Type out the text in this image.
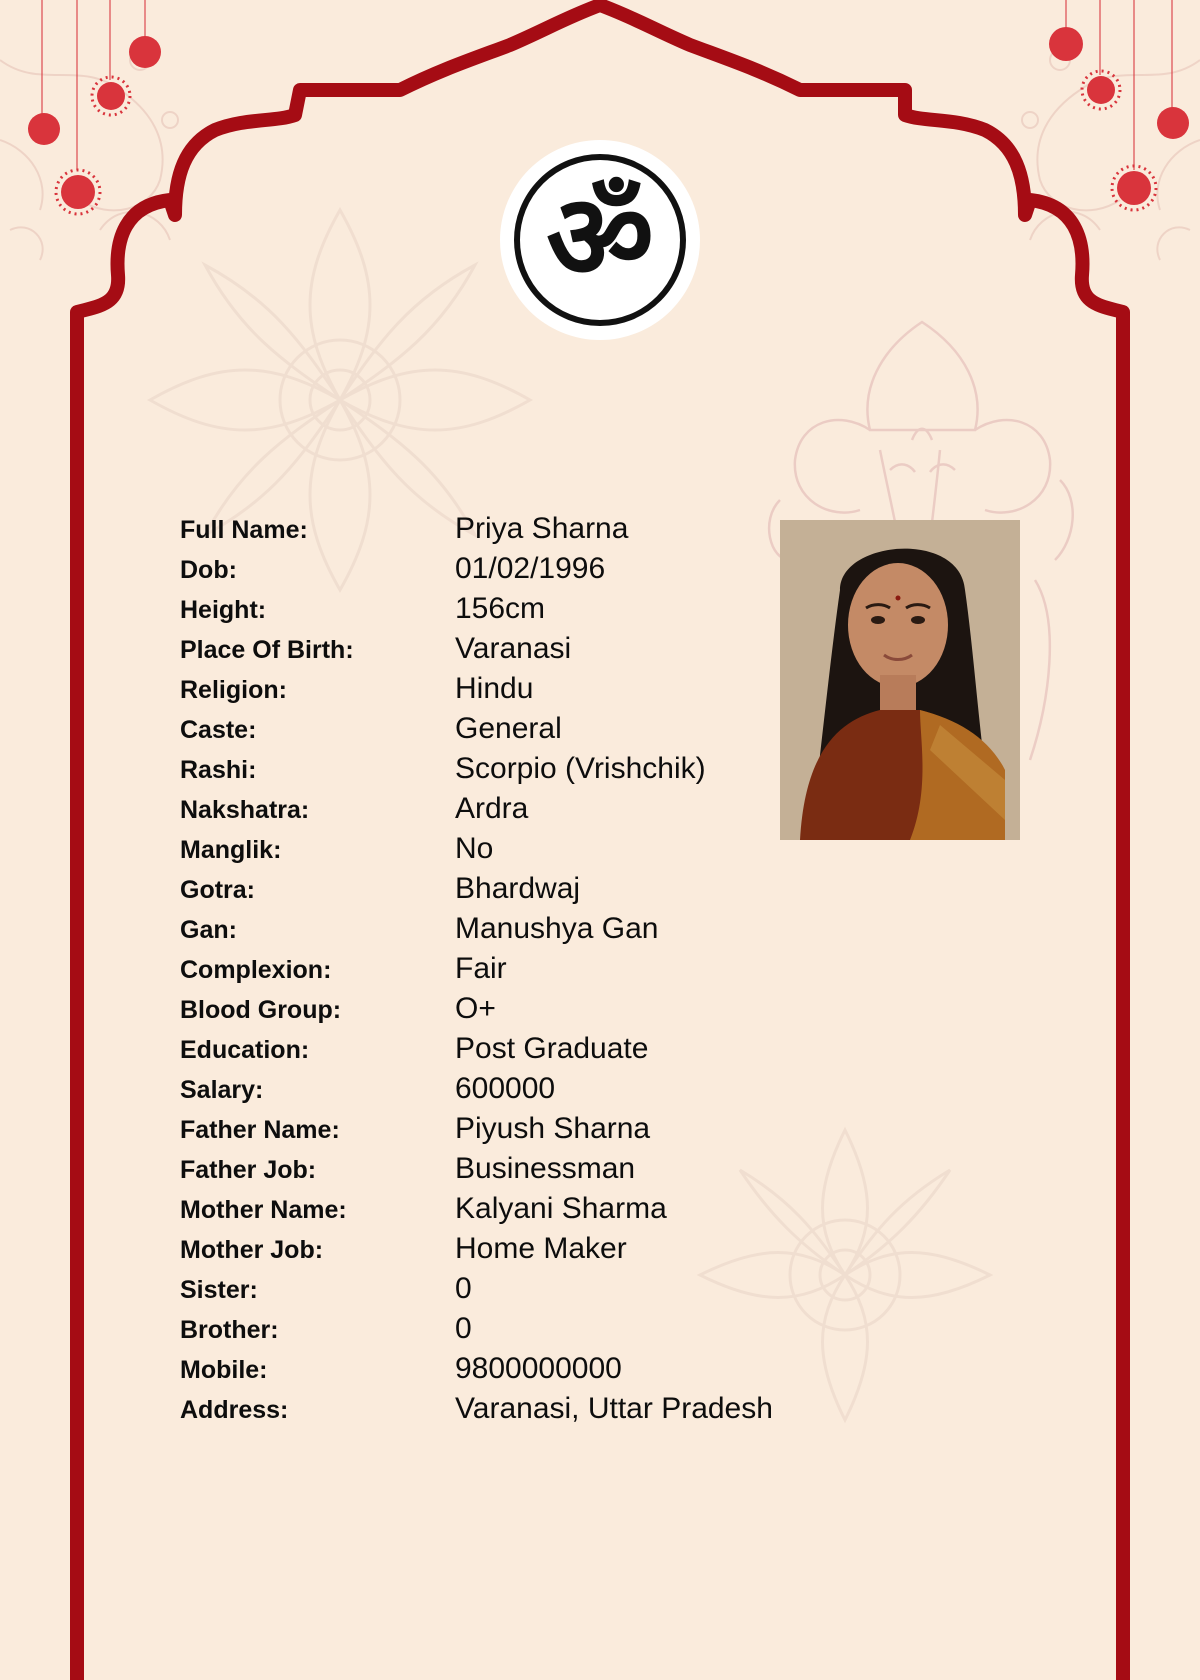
ॐ
Full Name:	Priya Sharna
Dob:	01/02/1996
Height:	156cm
Place Of Birth:	Varanasi
Religion:	Hindu
Caste:	General
Rashi:	Scorpio (Vrishchik)
Nakshatra:	Ardra
Manglik:	No
Gotra:	Bhardwaj
Gan:	Manushya Gan
Complexion:	Fair
Blood Group:	O+
Education:	Post Graduate
Salary:	600000
Father Name:	Piyush Sharna
Father Job:	Businessman
Mother Name:	Kalyani Sharma
Mother Job:	Home Maker
Sister:	0
Brother:	0
Mobile:	9800000000
Address:	Varanasi, Uttar Pradesh
